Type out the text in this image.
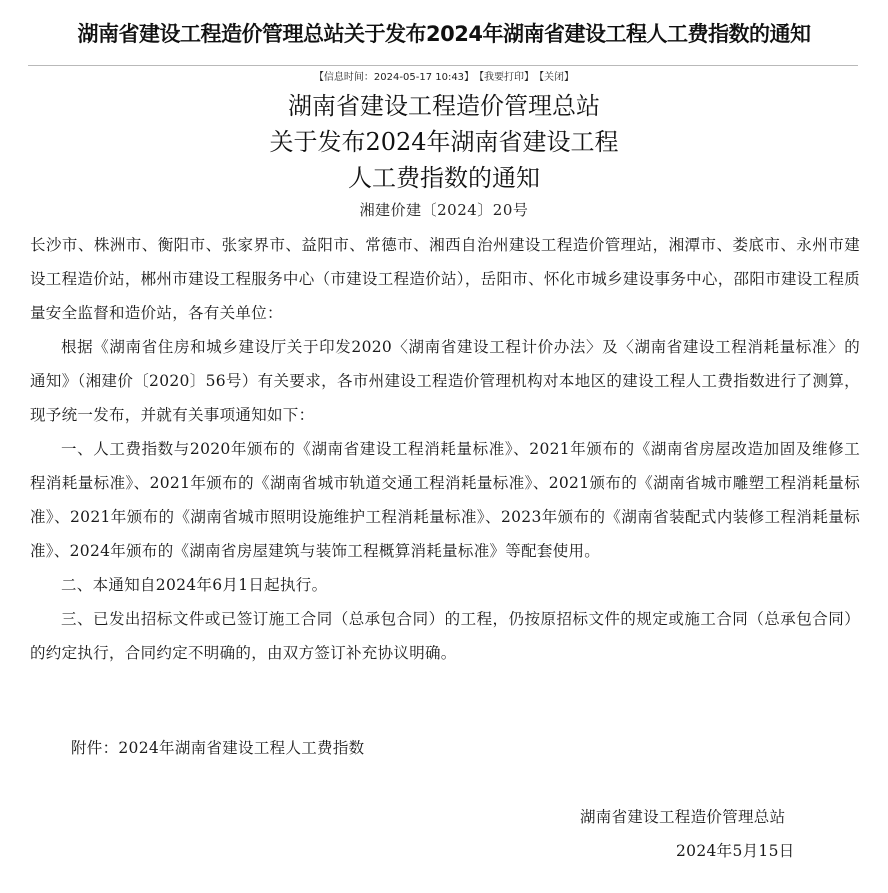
湖南省建设工程造价管理总站关于发布2024年湖南省建设工程人工费指数的通知
【信息时间：2024-05-17 10:43】【我要打印】【关闭】
湖南省建设工程造价管理总站
关于发布2024年湖南省建设工程
人工费指数的通知
湘建价建〔2024〕20号

长沙市、株洲市、衡阳市、张家界市、益阳市、常德市、湘西自治州建设工程造价管理站，湘潭市、娄底市、永州市建设工程造价站，郴州市建设工程服务中心（市建设工程造价站），岳阳市、怀化市城乡建设事务中心，邵阳市建设工程质量安全监督和造价站，各有关单位：

根据《湖南省住房和城乡建设厅关于印发2020〈湖南省建设工程计价办法〉及〈湖南省建设工程消耗量标准〉的通知》（湘建价〔2020〕56号）有关要求，各市州建设工程造价管理机构对本地区的建设工程人工费指数进行了测算，现予统一发布，并就有关事项通知如下：

一、人工费指数与2020年颁布的《湖南省建设工程消耗量标准》、2021年颁布的《湖南省房屋改造加固及维修工程消耗量标准》、2021年颁布的《湖南省城市轨道交通工程消耗量标准》、2021颁布的《湖南省城市雕塑工程消耗量标准》、2021年颁布的《湖南省城市照明设施维护工程消耗量标准》、2023年颁布的《湖南省装配式内装修工程消耗量标准》、2024年颁布的《湖南省房屋建筑与装饰工程概算消耗量标准》等配套使用。

二、本通知自2024年6月1日起执行。

三、已发出招标文件或已签订施工合同（总承包合同）的工程，仍按原招标文件的规定或施工合同（总承包合同）的约定执行，合同约定不明确的，由双方签订补充协议明确。

附件：2024年湖南省建设工程人工费指数
湖南省建设工程造价管理总站
2024年5月15日
